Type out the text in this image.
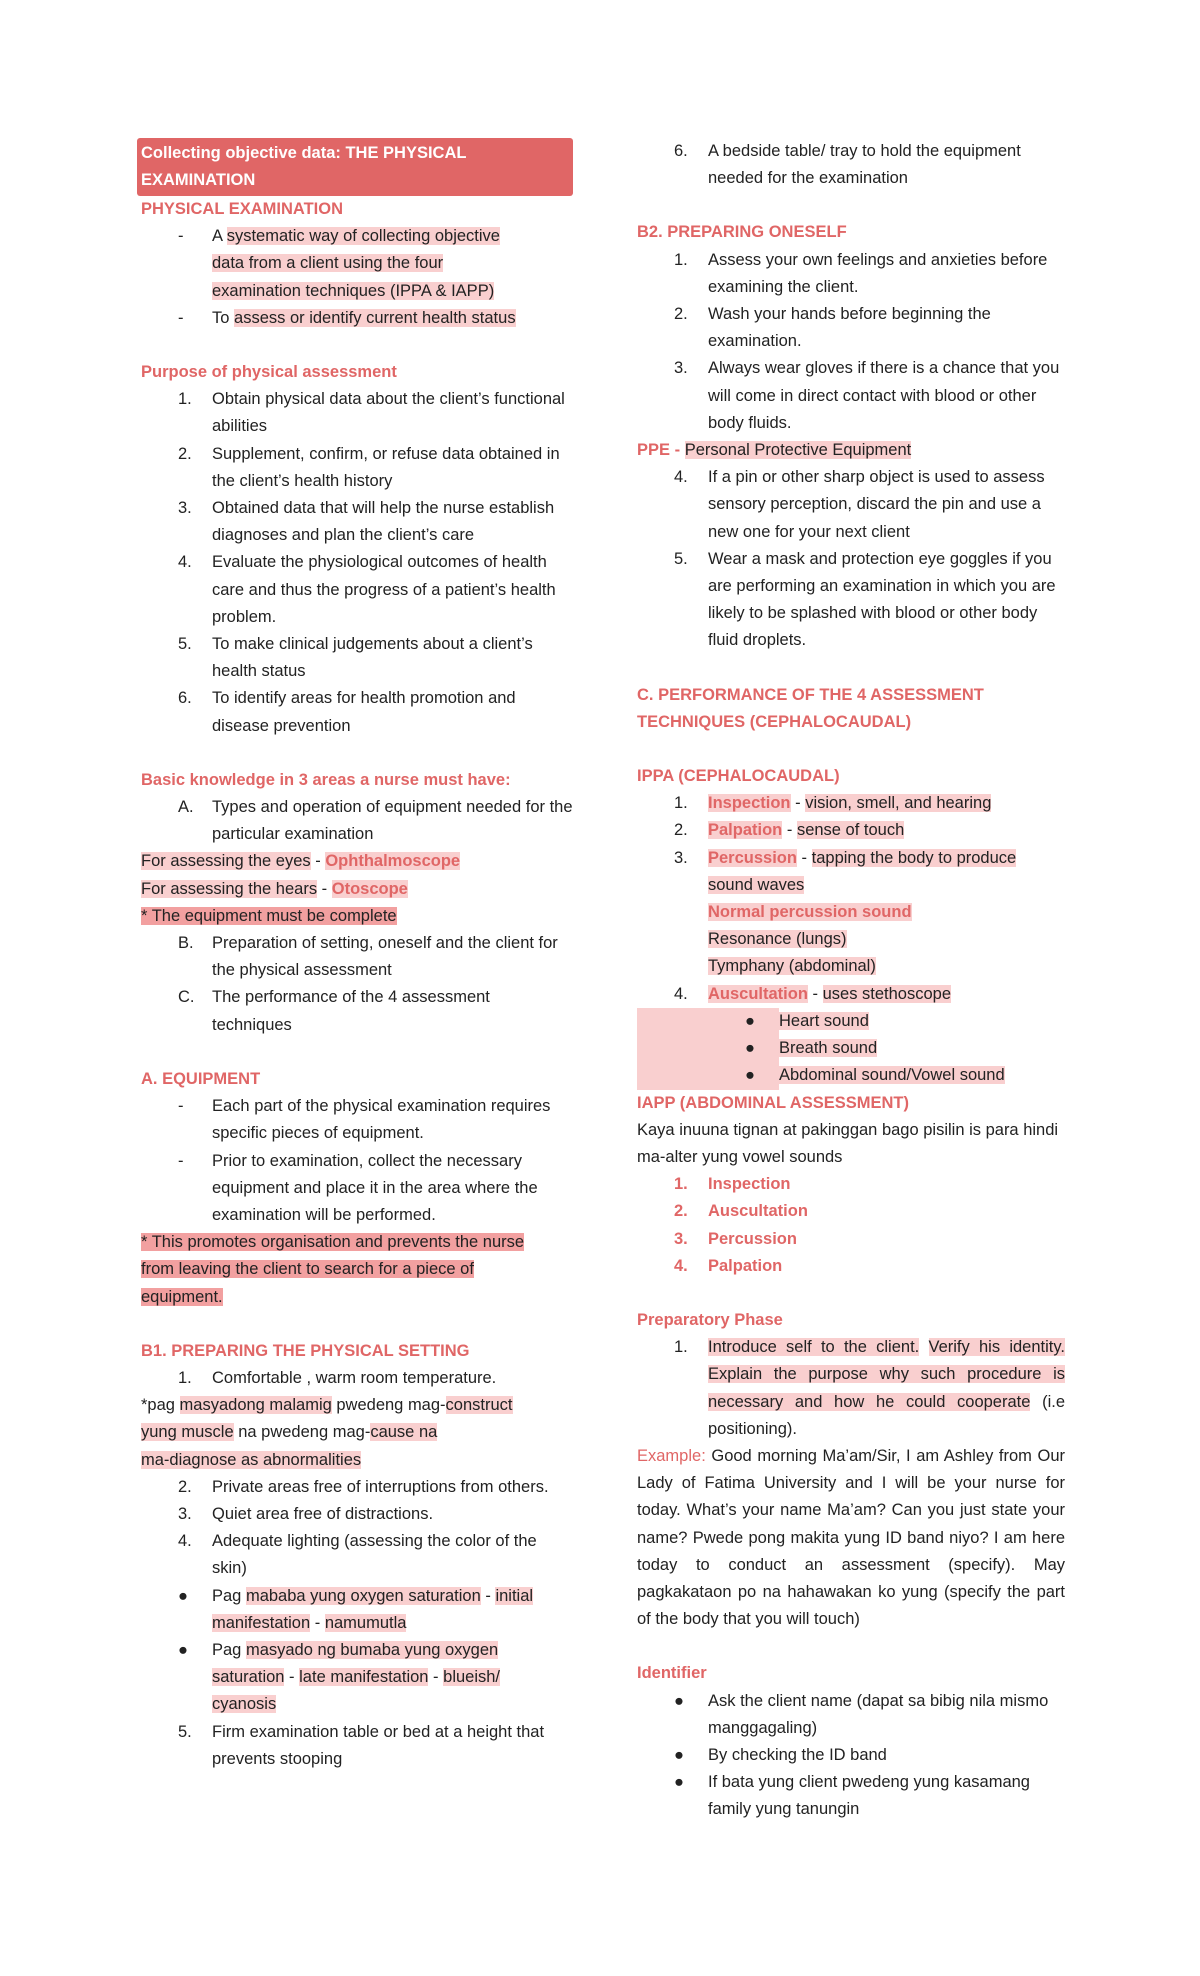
Collecting objective data: THE PHYSICAL EXAMINATION
PHYSICAL EXAMINATION
-	A systematic way of collecting objective
data from a client using the four
examination techniques (IPPA & IAPP)
-	To assess or identify current health status
Purpose of physical assessment
1.	Obtain physical data about the client’s functional abilities
2.	Supplement, confirm, or refuse data obtained in the client’s health history
3.	Obtained data that will help the nurse establish diagnoses and plan the client’s care
4.	Evaluate the physiological outcomes of health care and thus the progress of a patient’s health problem.
5.	To make clinical judgements about a client’s health status
6.	To identify areas for health promotion and disease prevention
Basic knowledge in 3 areas a nurse must have:
A.	Types and operation of equipment needed for the particular examination
For assessing the eyes - Ophthalmoscope
For assessing the hears - Otoscope
* The equipment must be complete
B.	Preparation of setting, oneself and the client for the physical assessment
C.	The performance of the 4 assessment techniques
A. EQUIPMENT
-	Each part of the physical examination requires specific pieces of equipment.
-	Prior to examination, collect the necessary equipment and place it in the area where the examination will be performed.
* This promotes organisation and prevents the nurse
from leaving the client to search for a piece of
equipment.
B1. PREPARING THE PHYSICAL SETTING
1.	Comfortable , warm room temperature.
*pag masyadong malamig pwedeng mag-construct
yung muscle na pwedeng mag-cause na
ma-diagnose as abnormalities
2.	Private areas free of interruptions from others.
3.	Quiet area free of distractions.
4.	Adequate lighting (assessing the color of the skin)
●	Pag mababa yung oxygen saturation - initial
manifestation - namumutla
●	Pag masyado ng bumaba yung oxygen
saturation - late manifestation - blueish/
cyanosis
5.	Firm examination table or bed at a height that prevents stooping
6.	A bedside table/ tray to hold the equipment needed for the examination
B2. PREPARING ONESELF
1.	Assess your own feelings and anxieties before examining the client.
2.	Wash your hands before beginning the examination.
3.	Always wear gloves if there is a chance that you will come in direct contact with blood or other body fluids.
PPE - Personal Protective Equipment
4.	If a pin or other sharp object is used to assess sensory perception, discard the pin and use a new one for your next client
5.	Wear a mask and protection eye goggles if you are performing an examination in which you are likely to be splashed with blood or other body fluid droplets.
C. PERFORMANCE OF THE 4 ASSESSMENT TECHNIQUES (CEPHALOCAUDAL)
IPPA (CEPHALOCAUDAL)
1.	Inspection - vision, smell, and hearing
2.	Palpation - sense of touch
3.	Percussion - tapping the body to produce
sound waves
Normal percussion sound
Resonance (lungs)
Tymphany (abdominal)
4.	Auscultation - uses stethoscope
●	Heart sound
●	Breath sound
●	Abdominal sound/Vowel sound
IAPP (ABDOMINAL ASSESSMENT)
Kaya inuuna tignan at pakinggan bago pisilin is para hindi ma-alter yung vowel sounds
1.	Inspection
2.	Auscultation
3.	Percussion
4.	Palpation
Preparatory Phase
1.	Introduce self to the client. Verify his identity. Explain the purpose why such procedure is necessary and how he could cooperate (i.e positioning).
Example: Good morning Ma’am/Sir, I am Ashley from Our Lady of Fatima University and I will be your nurse for today. What’s your name Ma’am? Can you just state your name? Pwede pong makita yung ID band niyo? I am here today to conduct an assessment (specify). May pagkakataon po na hahawakan ko yung (specify the part of the body that you will touch)
Identifier
●	Ask the client name (dapat sa bibig nila mismo manggagaling)
●	By checking the ID band
●	If bata yung client pwedeng yung kasamang family yung tanungin
